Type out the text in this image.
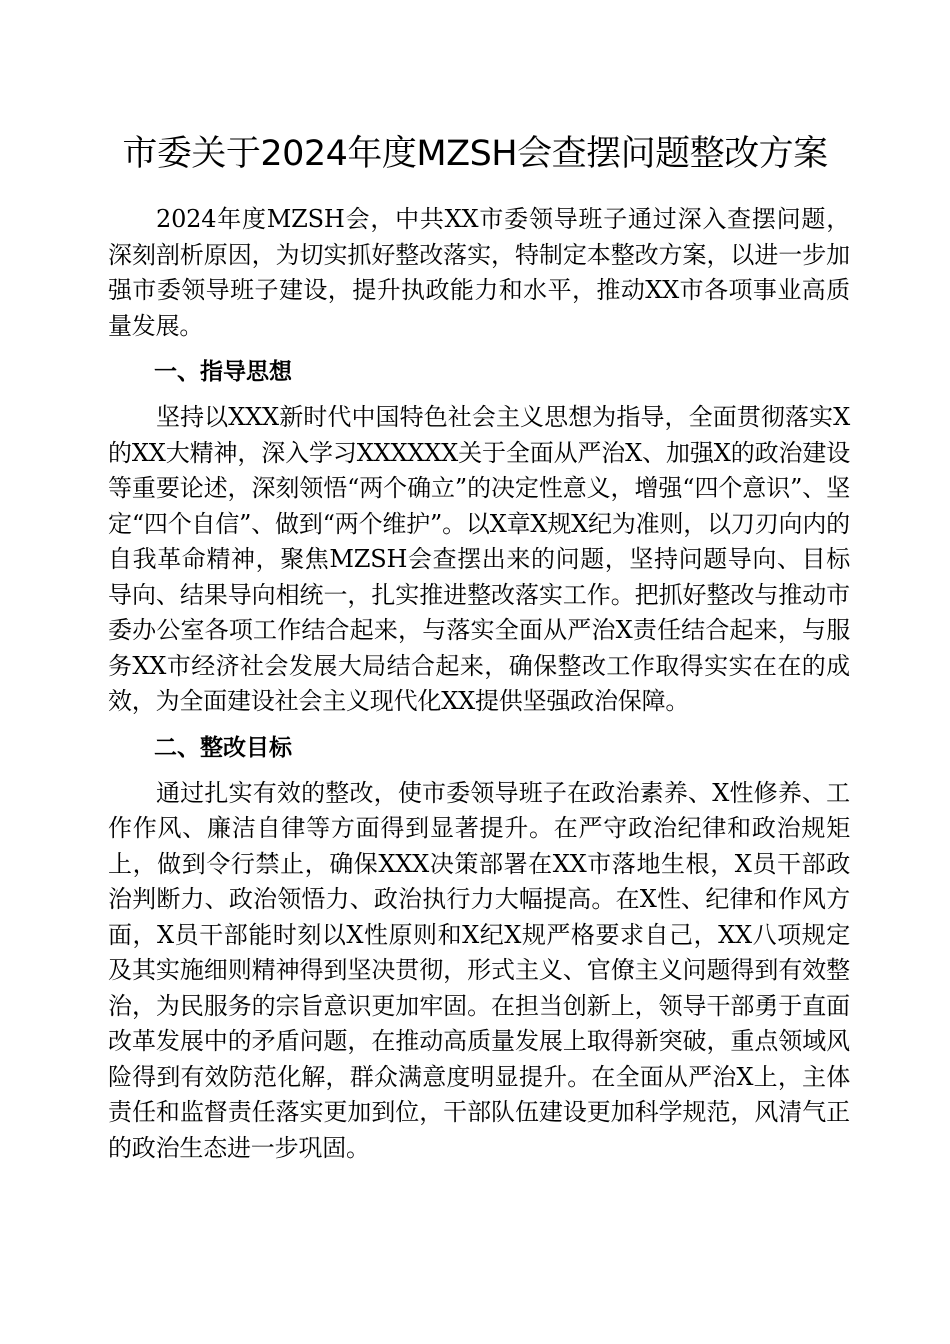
市委关于2024年度MZSH会查摆问题整改方案

2024年度MZSH会，中共XX市委领导班子通过深入查摆问题，深刻剖析原因，为切实抓好整改落实，特制定本整改方案，以进一步加强市委领导班子建设，提升执政能力和水平，推动XX市各项事业高质量发展。

一、指导思想

坚持以XXX新时代中国特色社会主义思想为指导，全面贯彻落实X的XX大精神，深入学习XXXXXX关于全面从严治X、加强X的政治建设等重要论述，深刻领悟“两个确立”的决定性意义，增强“四个意识”、坚定“四个自信”、做到“两个维护”。以X章X规X纪为准则，以刀刃向内的自我革命精神，聚焦MZSH会查摆出来的问题，坚持问题导向、目标导向、结果导向相统一，扎实推进整改落实工作。把抓好整改与推动市委办公室各项工作结合起来，与落实全面从严治X责任结合起来，与服务XX市经济社会发展大局结合起来，确保整改工作取得实实在在的成效，为全面建设社会主义现代化XX提供坚强政治保障。

二、整改目标

通过扎实有效的整改，使市委领导班子在政治素养、X性修养、工作作风、廉洁自律等方面得到显著提升。在严守政治纪律和政治规矩上，做到令行禁止，确保XXX决策部署在XX市落地生根，X员干部政治判断力、政治领悟力、政治执行力大幅提高。在X性、纪律和作风方面，X员干部能时刻以X性原则和X纪X规严格要求自己，XX八项规定及其实施细则精神得到坚决贯彻，形式主义、官僚主义问题得到有效整治，为民服务的宗旨意识更加牢固。在担当创新上，领导干部勇于直面改革发展中的矛盾问题，在推动高质量发展上取得新突破，重点领域风险得到有效防范化解，群众满意度明显提升。在全面从严治X上，主体责任和监督责任落实更加到位，干部队伍建设更加科学规范，风清气正的政治生态进一步巩固。
